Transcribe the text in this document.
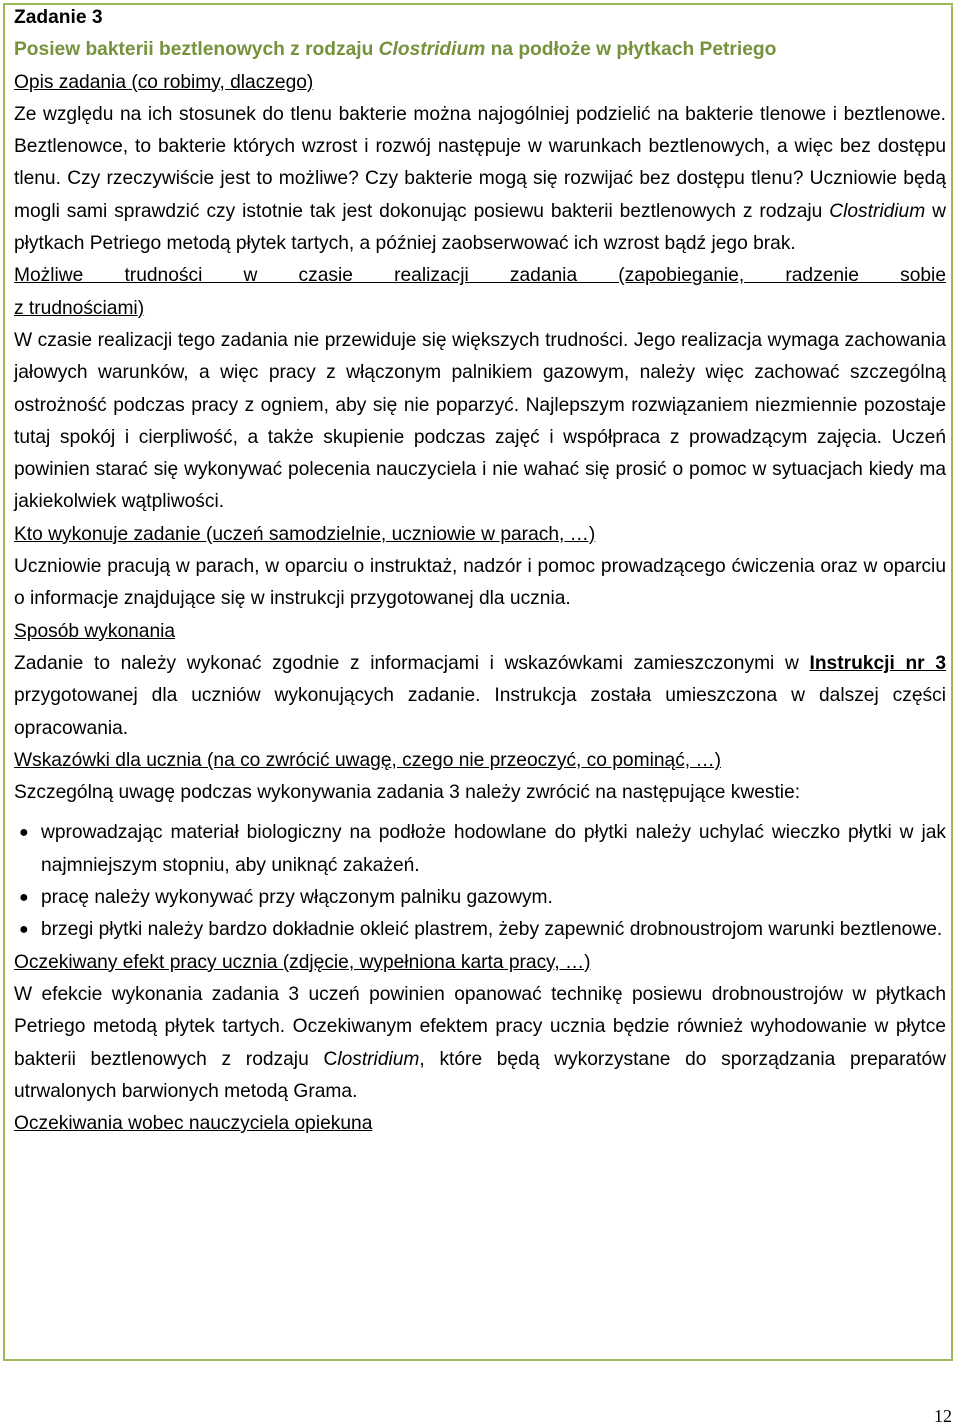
Zadanie 3

Posiew bakterii beztlenowych z rodzaju Clostridium na podłoże w płytkach Petriego

Opis zadania (co robimy, dlaczego)

Ze względu na ich stosunek do tlenu bakterie można najogólniej podzielić na bakterie tlenowe i beztlenowe. Beztlenowce, to bakterie których wzrost i rozwój następuje w warunkach beztlenowych, a więc bez dostępu tlenu. Czy rzeczywiście jest to możliwe? Czy bakterie mogą się rozwijać bez dostępu tlenu? Uczniowie będą mogli sami sprawdzić czy istotnie tak jest dokonując posiewu bakterii beztlenowych z rodzaju Clostridium w płytkach Petriego metodą płytek tartych, a później zaobserwować ich wzrost bądź jego brak.

Możliwe trudności w czasie realizacji zadania (zapobieganie, radzenie sobie

z trudnościami)

W czasie realizacji tego zadania nie przewiduje się większych trudności. Jego realizacja wymaga zachowania jałowych warunków, a więc pracy z włączonym palnikiem gazowym, należy więc zachować szczególną ostrożność podczas pracy z ogniem, aby się nie poparzyć. Najlepszym rozwiązaniem niezmiennie pozostaje tutaj spokój i cierpliwość, a także skupienie podczas zajęć i współpraca z prowadzącym zajęcia. Uczeń powinien starać się wykonywać polecenia nauczyciela i nie wahać się prosić o pomoc w sytuacjach kiedy ma jakiekolwiek wątpliwości.

Kto wykonuje zadanie (uczeń samodzielnie, uczniowie w parach, …)

Uczniowie pracują w parach, w oparciu o instruktaż, nadzór i pomoc prowadzącego ćwiczenia oraz w oparciu o informacje znajdujące się w instrukcji przygotowanej dla ucznia.

Sposób wykonania

Zadanie to należy wykonać zgodnie z informacjami i wskazówkami zamieszczonymi w Instrukcji nr 3 przygotowanej dla uczniów wykonujących zadanie. Instrukcja została umieszczona w dalszej części opracowania.

Wskazówki dla ucznia (na co zwrócić uwagę, czego nie przeoczyć, co pominąć, …)

Szczególną uwagę podczas wykonywania zadania 3 należy zwrócić na następujące kwestie:

● wprowadzając materiał biologiczny na podłoże hodowlane do płytki należy uchylać wieczko płytki w jak najmniejszym stopniu, aby uniknąć zakażeń.
● pracę należy wykonywać przy włączonym palniku gazowym.
● brzegi płytki należy bardzo dokładnie okleić plastrem, żeby zapewnić drobnoustrojom warunki beztlenowe.

Oczekiwany efekt pracy ucznia (zdjęcie, wypełniona karta pracy, …)

W efekcie wykonania zadania 3 uczeń powinien opanować technikę posiewu drobnoustrojów w płytkach Petriego metodą płytek tartych. Oczekiwanym efektem pracy ucznia będzie również wyhodowanie w płytce bakterii beztlenowych z rodzaju Clostridium, które będą wykorzystane do sporządzania preparatów utrwalonych barwionych metodą Grama.

Oczekiwania wobec nauczyciela opiekuna

12
